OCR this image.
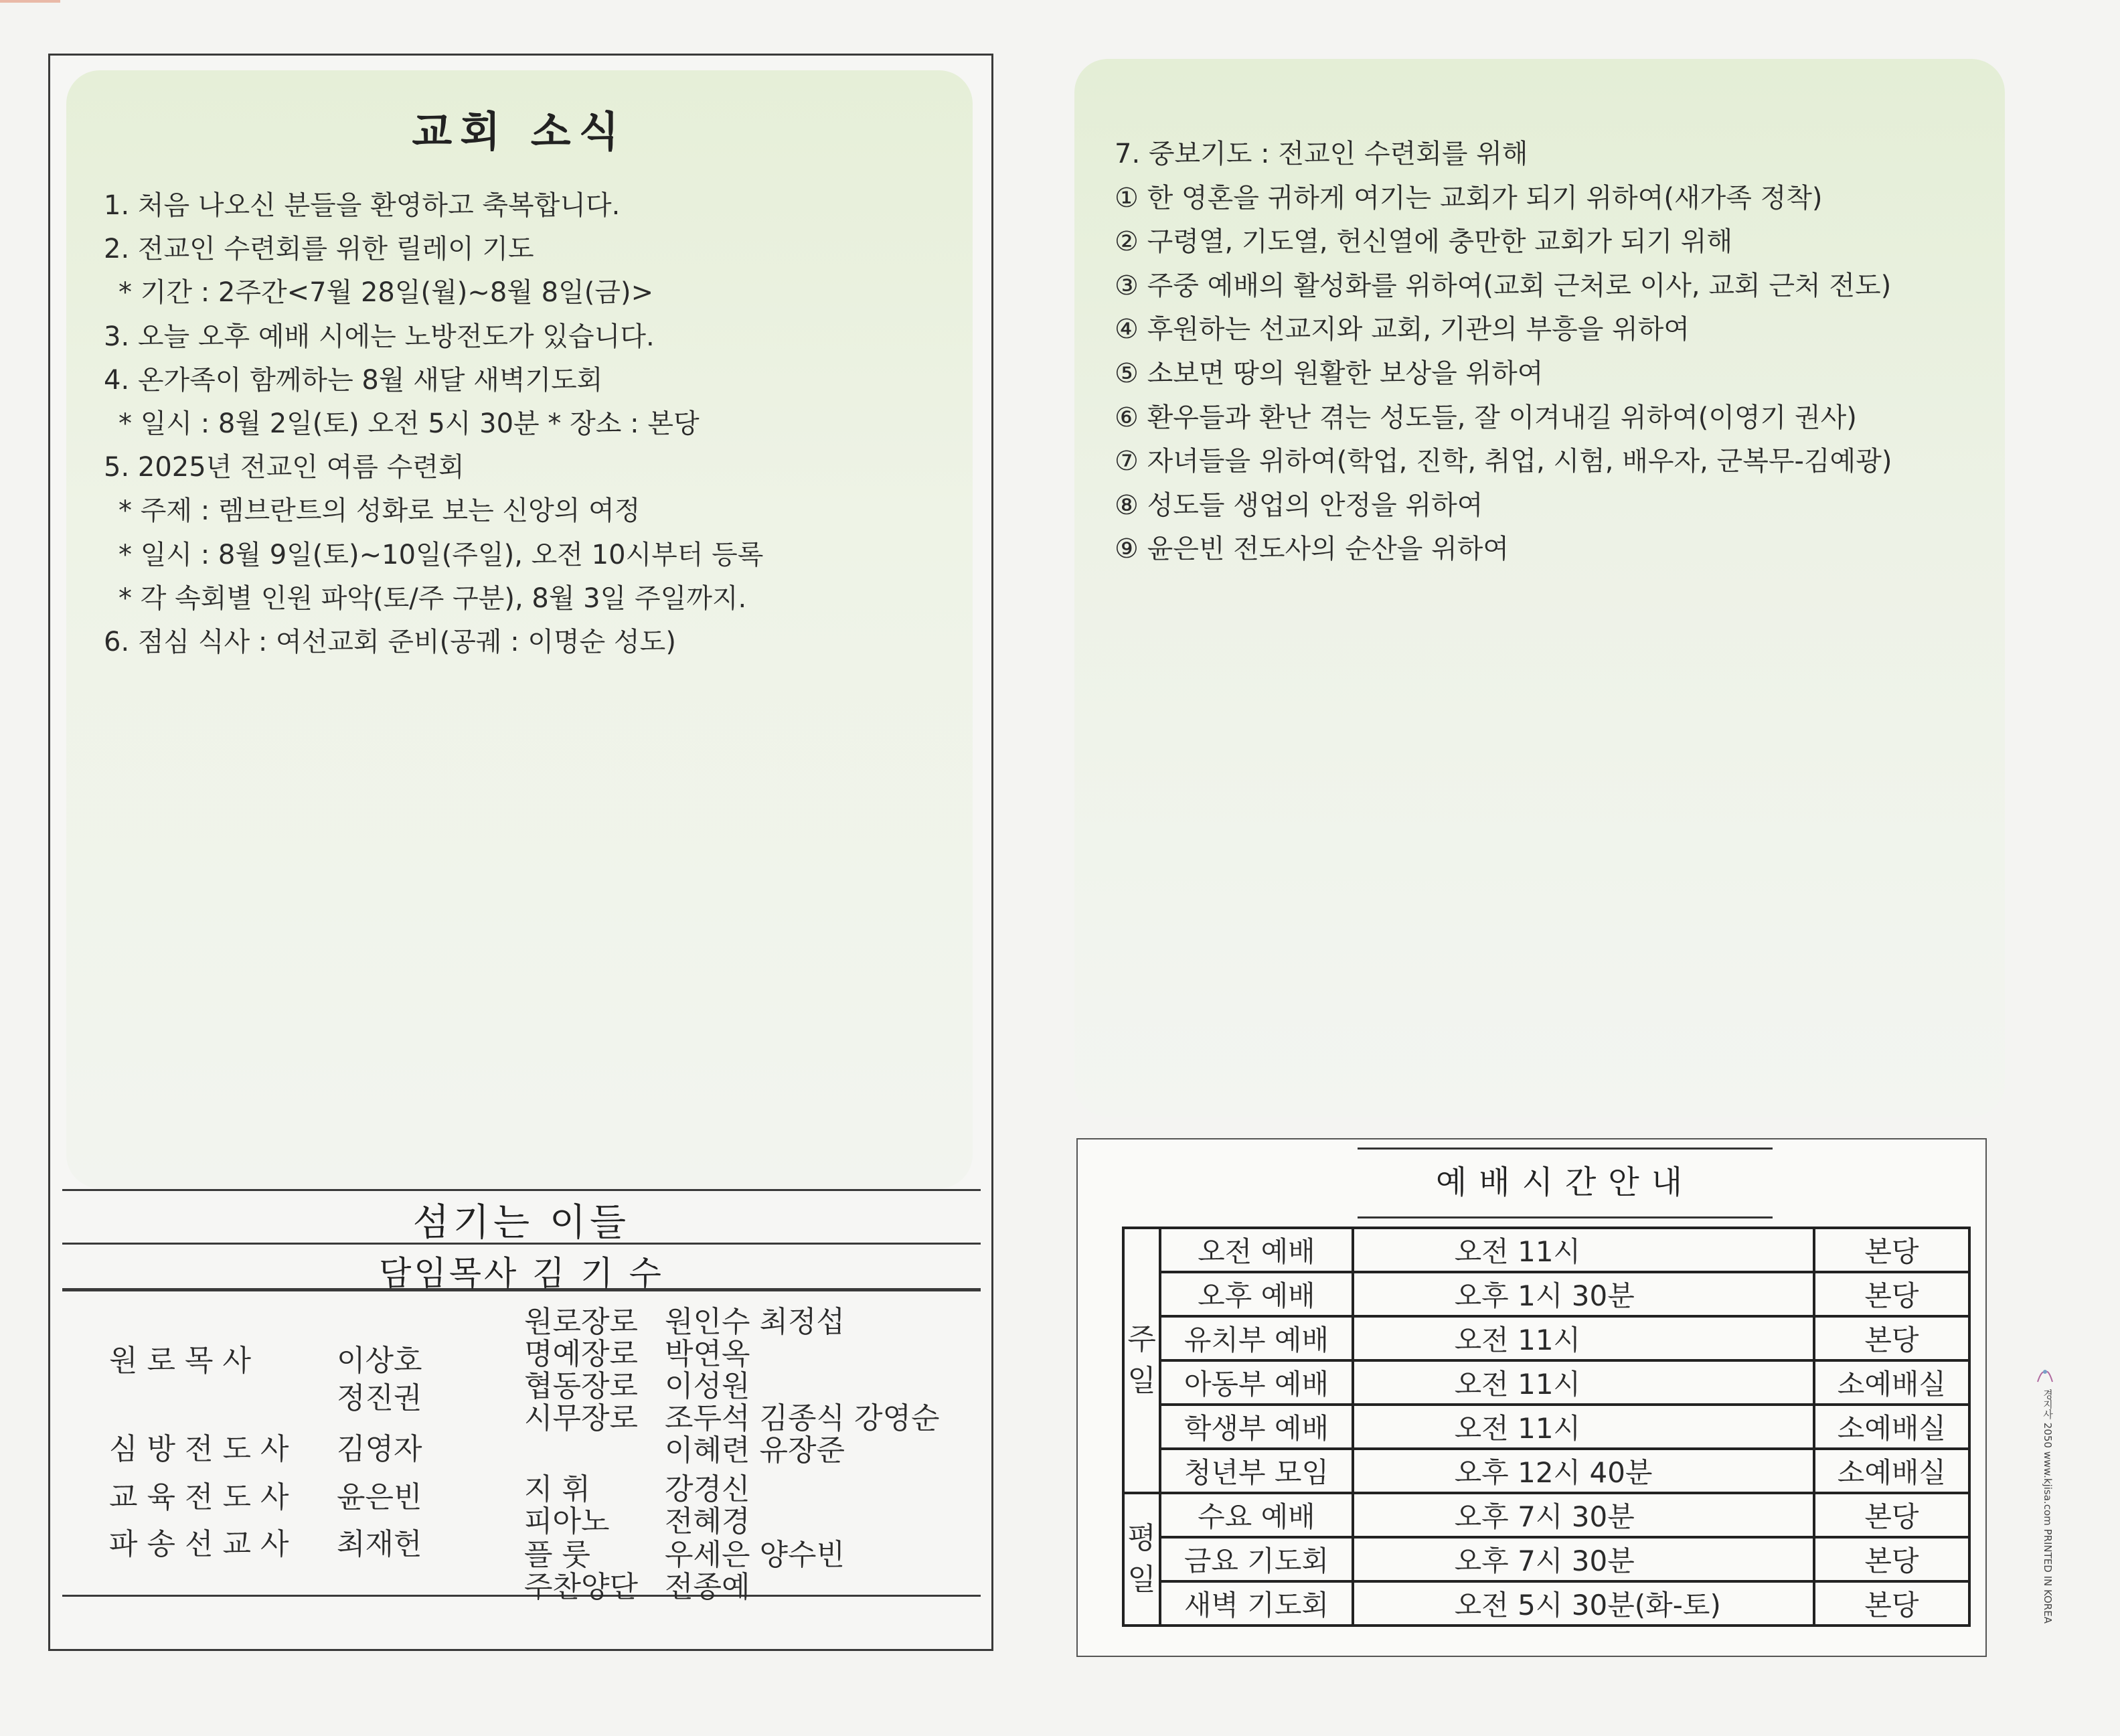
교회 소식
1. 처음 나오신 분들을 환영하고 축복합니다.
2. 전교인 수련회를 위한 릴레이 기도
* 기간 : 2주간<7월 28일(월)~8월 8일(금)>
3. 오늘 오후 예배 시에는 노방전도가 있습니다.
4. 온가족이 함께하는 8월 새달 새벽기도회
* 일시 : 8월 2일(토) 오전 5시 30분 * 장소 : 본당
5. 2025년 전교인 여름 수련회
* 주제 : 렘브란트의 성화로 보는 신앙의 여정
* 일시 : 8월 9일(토)~10일(주일), 오전 10시부터 등록
* 각 속회별 인원 파악(토/주 구분), 8월 3일 주일까지.
6. 점심 식사 : 여선교회 준비(공궤 : 이명순 성도)
섬기는 이들
담임목사 김 기 수
원로목사	이상호
정진권
심방전도사 김영자
교육전도사 윤은빈
파송선교사 최재헌
원로장로 원인수 최정섭
명예장로 박연옥
협동장로 이성원
시무장로 조두석 김종식 강영순
이혜련 유장준
지 휘	강경신
피아노 전혜경
플 룻	우세은 양수빈
주찬양단 전종예
7. 중보기도 : 전교인 수련회를 위해
① 한 영혼을 귀하게 여기는 교회가 되기 위하여(새가족 정착)
② 구령열, 기도열, 헌신열에 충만한 교회가 되기 위해
③ 주중 예배의 활성화를 위하여(교회 근처로 이사, 교회 근처 전도)
④ 후원하는 선교지와 교회, 기관의 부흥을 위하여
⑤ 소보면 땅의 원활한 보상을 위하여
⑥ 환우들과 환난 겪는 성도들, 잘 이겨내길 위하여(이영기 권사)
⑦ 자녀들을 위하여(학업, 진학, 취업, 시험, 배우자, 군복무-김예광)
⑧ 성도들 생업의 안정을 위하여
⑨ 윤은빈 전도사의 순산을 위하여
예배시간안내
주
일	오전 예배	오전 11시	본당
	오후 예배	오후 1시 30분	본당
	유치부 예배	오전 11시	본당
	아동부 예배	오전 11시	소예배실
	학생부 예배	오전 11시	소예배실
	청년부 모임	오후 12시 40분	소예배실
평
일	수요 예배	오후 7시 30분	본당
	금요 기도회	오후 7시 30분	본당
	새벽 기도회	오전 5시 30분(화-토)	본당	경지사 2050 www.kjisa.com PRINTED IN KOREA
